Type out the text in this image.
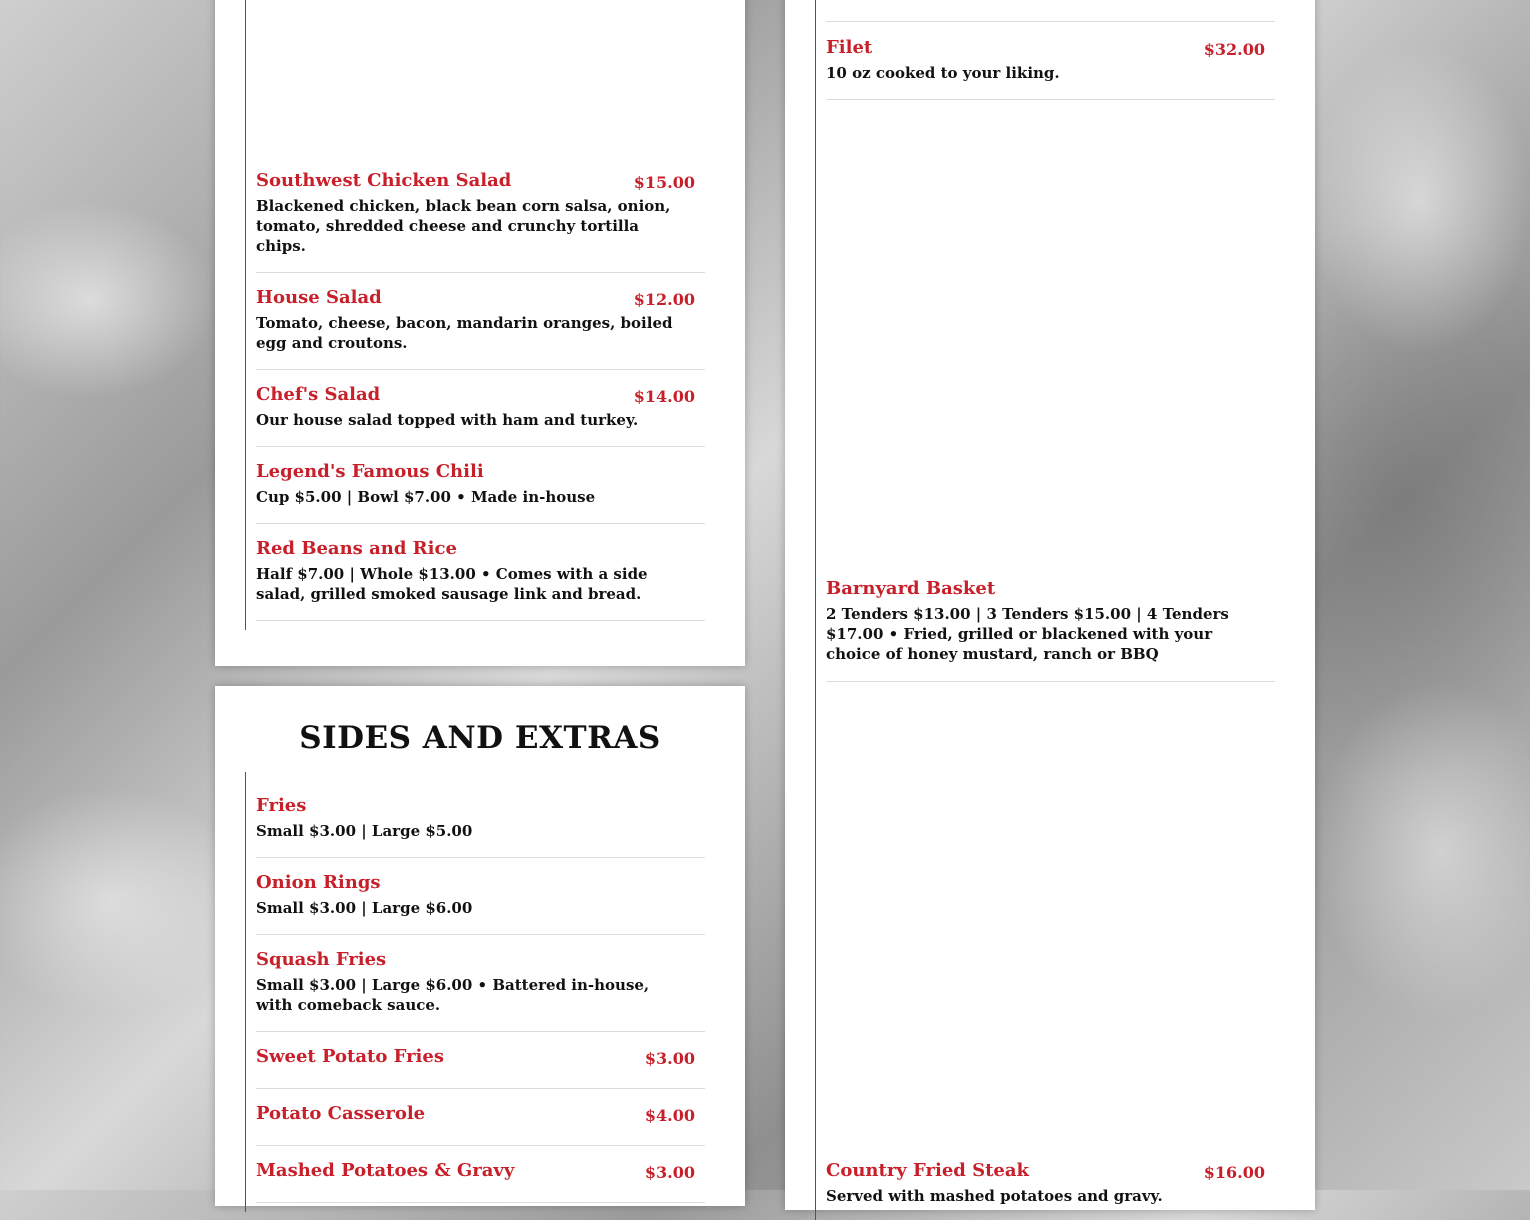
Southwest Chicken Salad	$15.00
Blackened chicken, black bean corn salsa, onion, tomato, shredded cheese and crunchy tortilla chips.
House Salad	$12.00
Tomato, cheese, bacon, mandarin oranges, boiled egg and croutons.
Chef's Salad	$14.00
Our house salad topped with ham and turkey.
Legend's Famous Chili
Cup $5.00 | Bowl $7.00 • Made in-house
Red Beans and Rice
Half $7.00 | Whole $13.00 • Comes with a side salad, grilled smoked sausage link and bread.
SIDES AND EXTRAS
Fries
Small $3.00 | Large $5.00
Onion Rings
Small $3.00 | Large $6.00
Squash Fries
Small $3.00 | Large $6.00 • Battered in-house, with comeback sauce.
Sweet Potato Fries	$3.00
Potato Casserole	$4.00
Mashed Potatoes & Gravy	$3.00
Filet	$32.00
10 oz cooked to your liking.
Barnyard Basket
2 Tenders $13.00 | 3 Tenders $15.00 | 4 Tenders $17.00 • Fried, grilled or blackened with your choice of honey mustard, ranch or BBQ
Country Fried Steak	$16.00
Served with mashed potatoes and gravy.
